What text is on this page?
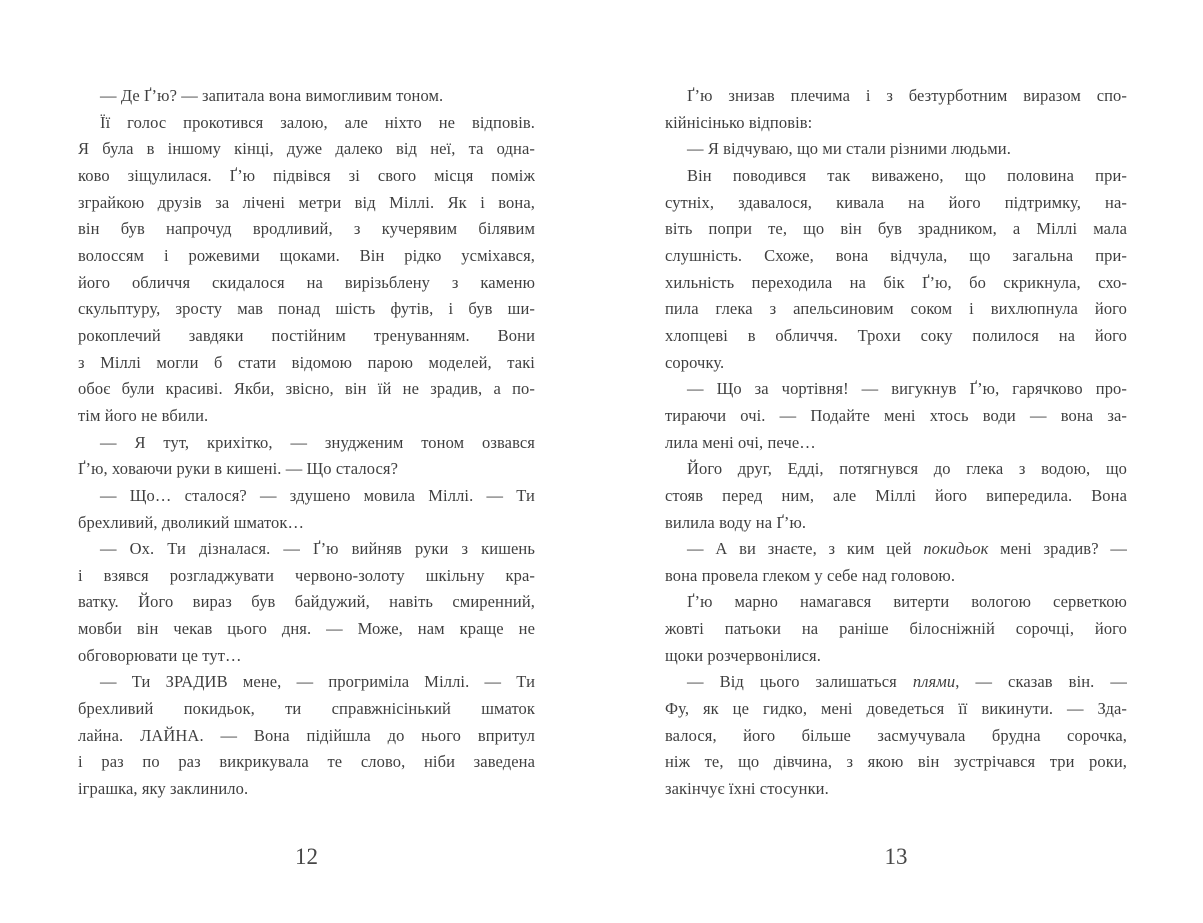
— Де Ґ’ю? — запитала вона вимогливим тоном.
Її голос прокотився залою, але ніхто не відповів.
Я була в іншому кінці, дуже далеко від неї, та одна-
ково зіщулилася. Ґ’ю підвівся зі свого місця поміж
зграйкою друзів за лічені метри від Міллі. Як і вона,
він був напрочуд вродливий, з кучерявим білявим
волоссям і рожевими щоками. Він рідко усміхався,
його обличчя скидалося на вирізьблену з каменю
скульптуру, зросту мав понад шість футів, і був ши-
рокоплечий завдяки постійним тренуванням. Вони
з Міллі могли б стати відомою парою моделей, такі
обоє були красиві. Якби, звісно, він їй не зрадив, а по-
тім його не вбили.
— Я тут, крихітко, — знудженим тоном озвався
Ґ’ю, ховаючи руки в кишені. — Що сталося?
— Що… сталося? — здушено мовила Міллі. — Ти
брехливий, дволикий шматок…
— Ох. Ти дізналася. — Ґ’ю вийняв руки з кишень
і взявся розгладжувати червоно-золоту шкільну кра-
ватку. Його вираз був байдужий, навіть смиренний,
мовби він чекав цього дня. — Може, нам краще не
обговорювати це тут…
— Ти ЗРАДИВ мене, — прогриміла Міллі. — Ти
брехливий покидьок, ти справжнісінький шматок
лайна. ЛАЙНА. — Вона підійшла до нього впритул
і раз по раз викрикувала те слово, ніби заведена
іграшка, яку заклинило.
Ґ’ю знизав плечима і з безтурботним виразом спо-
кійнісінько відповів:
— Я відчуваю, що ми стали різними людьми.
Він поводився так виважено, що половина при-
сутніх, здавалося, кивала на його підтримку, на-
віть попри те, що він був зрадником, а Міллі мала
слушність. Схоже, вона відчула, що загальна при-
хильність переходила на бік Ґ’ю, бо скрикнула, схо-
пила глека з апельсиновим соком і вихлюпнула його
хлопцеві в обличчя. Трохи соку полилося на його
сорочку.
— Що за чортівня! — вигукнув Ґ’ю, гарячково про-
тираючи очі. — Подайте мені хтось води — вона за-
лила мені очі, пече…
Його друг, Едді, потягнувся до глека з водою, що
стояв перед ним, але Міллі його випередила. Вона
вилила воду на Ґ’ю.
— А ви знаєте, з ким цей покидьок мені зрадив? —
вона провела глеком у себе над головою.
Ґ’ю марно намагався витерти вологою серветкою
жовті патьоки на раніше білосніжній сорочці, його
щоки розчервонілися.
— Від цього залишаться плями, — сказав він. —
Фу, як це гидко, мені доведеться її викинути. — Зда-
валося, його більше засмучувала брудна сорочка,
ніж те, що дівчина, з якою він зустрічався три роки,
закінчує їхні стосунки.
12	13
